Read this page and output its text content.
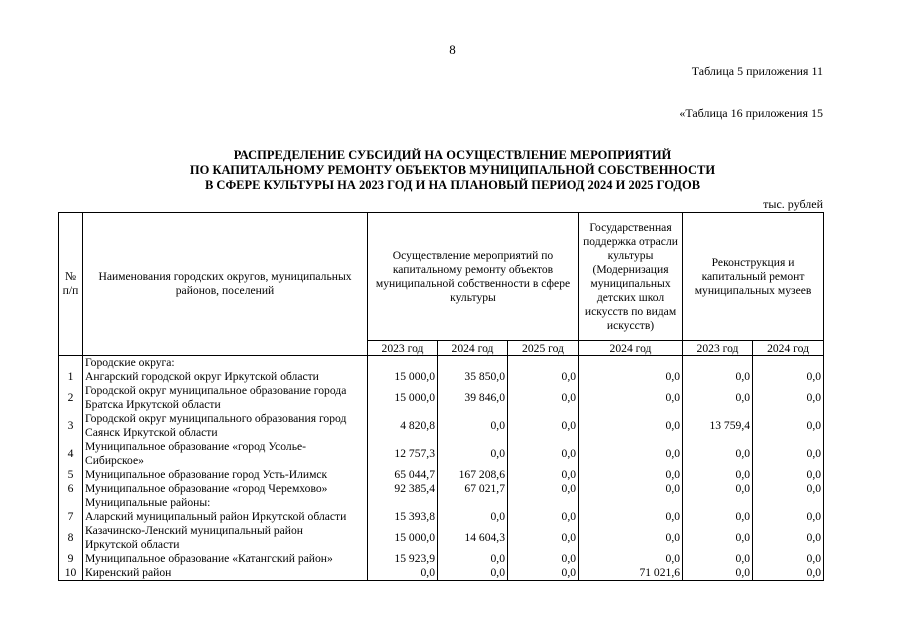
8
Таблица 5 приложения 11
«Таблица 16 приложения 15
РАСПРЕДЕЛЕНИЕ СУБСИДИЙ НА ОСУЩЕСТВЛЕНИЕ МЕРОПРИЯТИЙ
ПО КАПИТАЛЬНОМУ РЕМОНТУ ОБЪЕКТОВ МУНИЦИПАЛЬНОЙ СОБСТВЕННОСТИ
В СФЕРЕ КУЛЬТУРЫ НА 2023 ГОД И НА ПЛАНОВЫЙ ПЕРИОД 2024 И 2025 ГОДОВ
тыс. рублей
№ п/п	Наименования городских округов, муниципальных районов, поселений	Осуществление мероприятий по капитальному ремонту объектов муниципальной собственности в сфере культуры			Государственная поддержка отрасли культуры (Модернизация муниципальных детских школ искусств по видам искусств)	Реконструкция и капитальный ремонт муниципальных музеев	
		2023 год	2024 год	2025 год	2024 год	2023 год	2024 год
	Городские округа:						
1	Ангарский городской округ Иркутской области	15 000,0	35 850,0	0,0	0,0	0,0	0,0
2	Городской округ муниципальное образование города
Братска Иркутской области	15 000,0	39 846,0	0,0	0,0	0,0	0,0
3	Городской округ муниципального образования город
Саянск Иркутской области	4 820,8	0,0	0,0	0,0	13 759,4	0,0
4	Муниципальное образование «город Усолье-
Сибирское»	12 757,3	0,0	0,0	0,0	0,0	0,0
5	Муниципальное образование город Усть-Илимск	65 044,7	167 208,6	0,0	0,0	0,0	0,0
6	Муниципальное образование «город Черемхово»	92 385,4	67 021,7	0,0	0,0	0,0	0,0
	Муниципальные районы:						
7	Аларский муниципальный район Иркутской области	15 393,8	0,0	0,0	0,0	0,0	0,0
8	Казачинско-Ленский муниципальный район
Иркутской области	15 000,0	14 604,3	0,0	0,0	0,0	0,0
9	Муниципальное образование «Катангский район»	15 923,9	0,0	0,0	0,0	0,0	0,0
10	Киренский район	0,0	0,0	0,0	71 021,6	0,0	0,0
